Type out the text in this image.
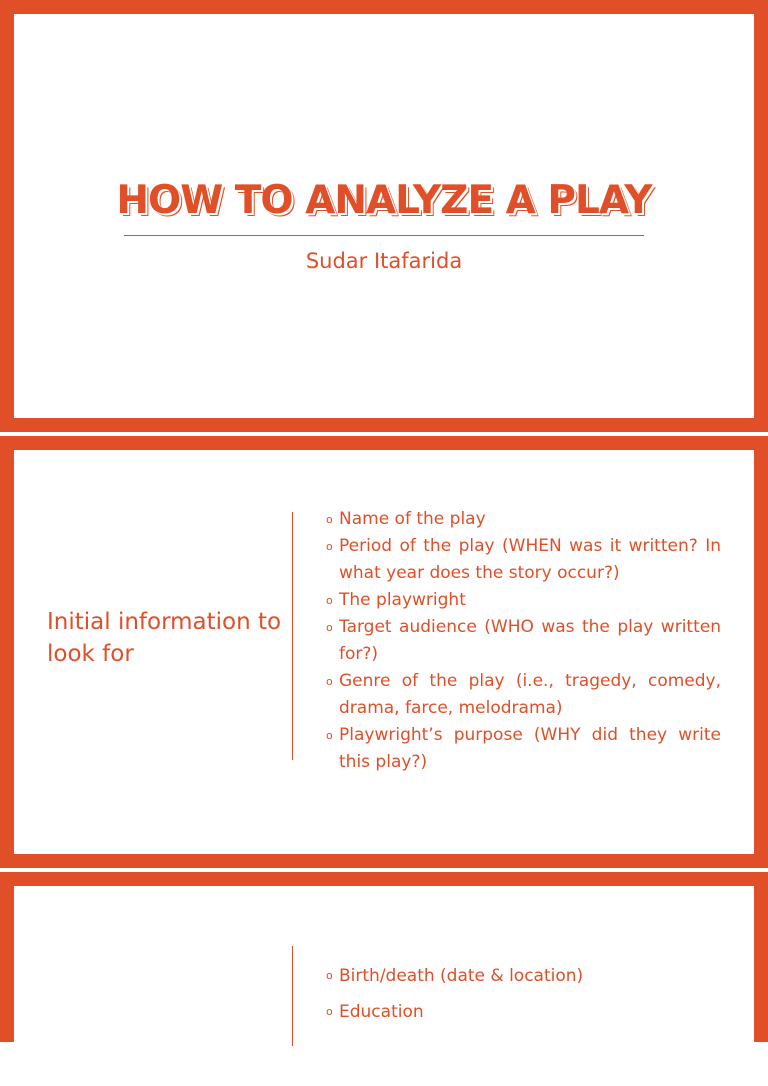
HOW TO ANALYZE A PLAY
Sudar Itafarida
Initial information to look for
o Name of the play
o Period of the play (WHEN was it written? In what year does the story occur?)
o The playwright
o Target audience (WHO was the play written for?)
o Genre of the play (i.e., tragedy, comedy, drama, farce, melodrama)
o Playwright’s purpose (WHY did they write this play?)
o Birth/death (date & location)
o Education
